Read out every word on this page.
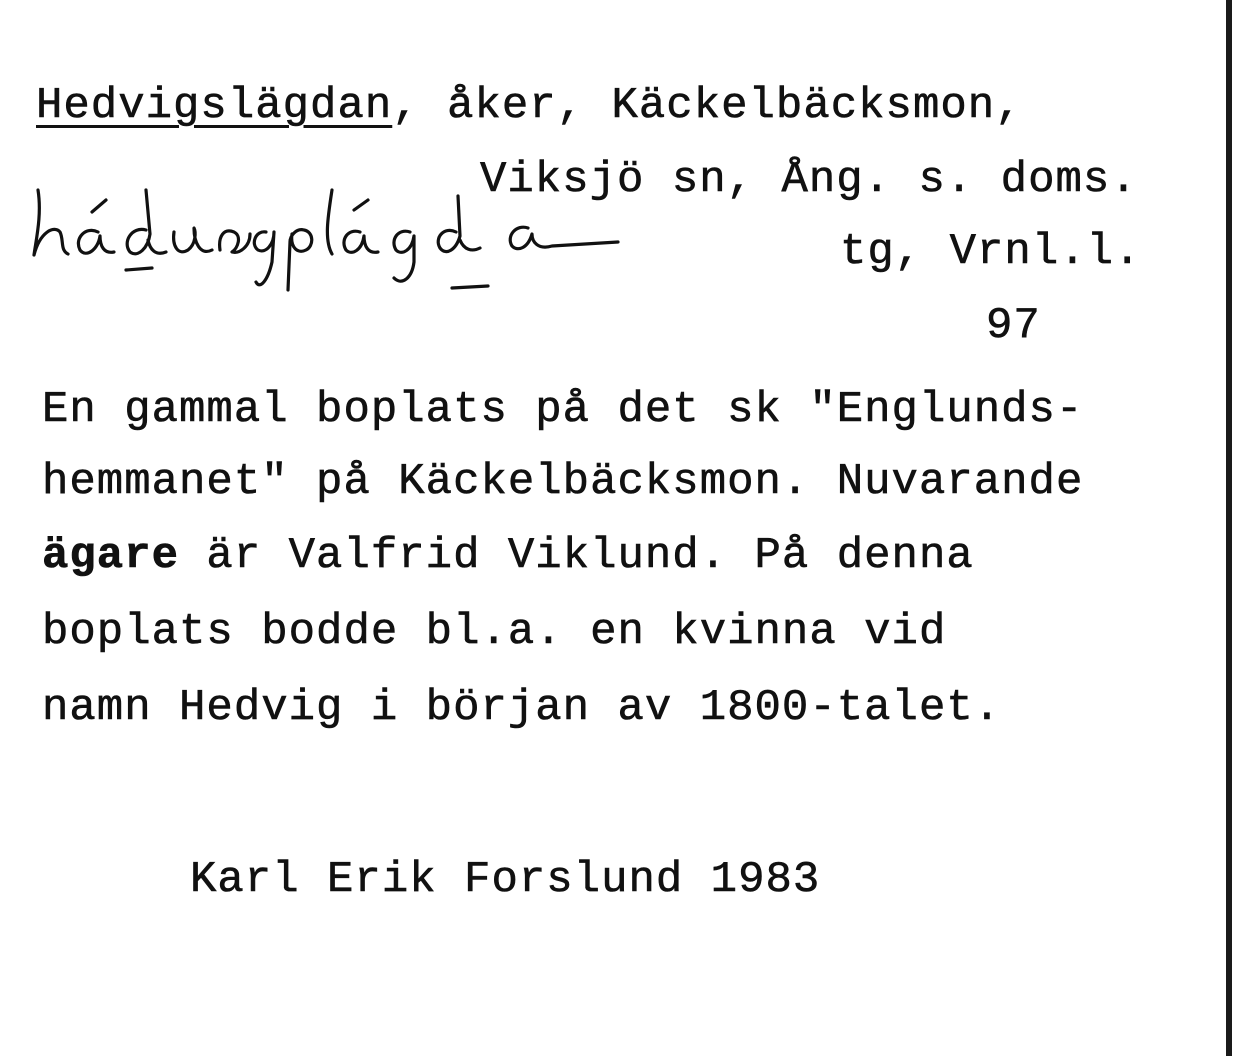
Hedvigslägdan, åker, Käckelbäcksmon,
Viksjö sn, Ång. s. doms.
tg, Vrnl.l.
97
En gammal boplats på det sk "Englunds-
hemmanet" på Käckelbäcksmon. Nuvarande
ägare är Valfrid Viklund. På denna
boplats bodde bl.a. en kvinna vid
namn Hedvig i början av 1800-talet.
Karl Erik Forslund 1983
